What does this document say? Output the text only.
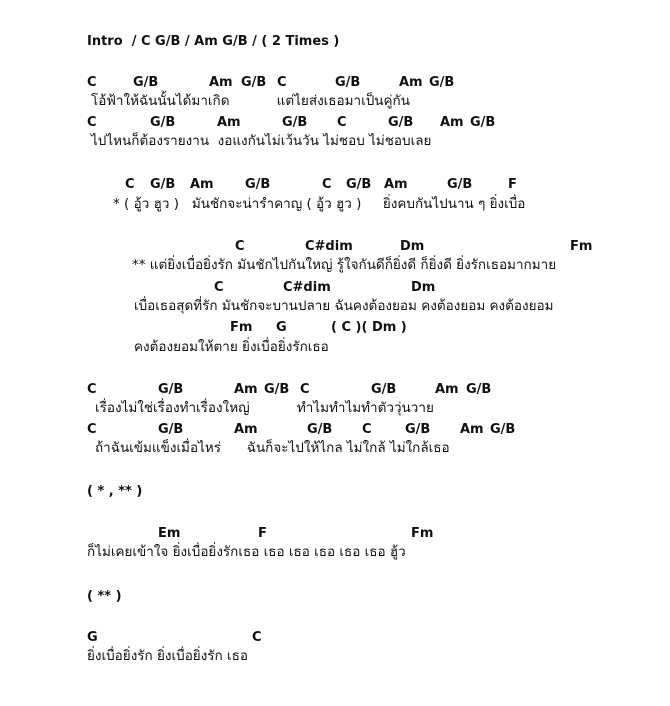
Intro  / C G/B / Am G/B / ( 2 Times )
C	G/B	Am G/B C	G/B	Am G/B
โอ้ฟ้าให้ฉันนั้นได้มาเกิด           แต่ไยส่งเธอมาเป็นคู่กัน
C	G/B	Am	G/B C	G/B Am G/B
ไปไหนก็ต้องรายงาน  งอแงกันไม่เว้นวัน ไม่ชอบ ไม่ชอบเลย
C G/B Am G/B	C G/B Am	G/B	F
* ( อู้ว ฮูว )   มันชักจะน่ารำคาญ ( อู้ว ฮูว )     ยิ่งคบกันไปนาน ๆ ยิ่งเบื่อ
C	C#dim	Dm	Fm
** แต่ยิ่งเบื่อยิ่งรัก มันชักไปกันใหญ่ รู้ใจกันดีก็ยิ่งดี ก็ยิ่งดี ยิ่งรักเธอมากมาย
C	C#dim	Dm
เบื่อเธอสุดที่รัก มันชักจะบานปลาย ฉันคงต้องยอม คงต้องยอม คงต้องยอม
Fm G	( C )( Dm )
คงต้องยอมให้ตาย ยิ่งเบื่อยิ่งรักเธอ
C	G/B	Am G/B C	G/B	Am G/B
เรื่องไม่ใช่เรื่องทำเรื่องใหญ่           ทำไมทำไมทำตัววุ่นวาย
C	G/B	Am	G/B C	G/B Am G/B
ถ้าฉันเข้มแข็งเมื่อไหร่      ฉันก็จะไปให้ไกล ไม่ใกล้ ไม่ใกล้เธอ
( * , ** )
Em	F	Fm
ก็ไม่เคยเข้าใจ ยิ่งเบื่อยิ่งรักเธอ เธอ เธอ เธอ เธอ เธอ ฮู้ว
( ** )
G	C
ยิ่งเบื่อยิ่งรัก ยิ่งเบื่อยิ่งรัก เธอ
